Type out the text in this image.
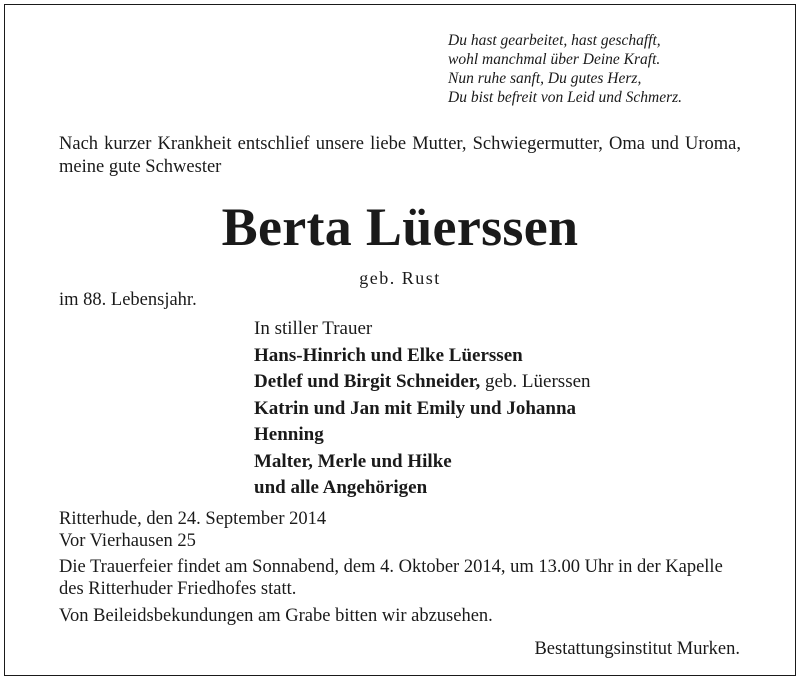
Du hast gearbeitet, hast geschafft,
wohl manchmal über Deine Kraft.
Nun ruhe sanft, Du gutes Herz,
Du bist befreit von Leid und Schmerz.
Nach kurzer Krankheit entschlief unsere liebe Mutter, Schwiegermutter, Oma und Uroma, meine gute Schwester
Berta Lüerssen
geb. Rust
im 88. Lebensjahr.
In stiller Trauer
Hans-Hinrich und Elke Lüerssen
Detlef und Birgit Schneider, geb. Lüerssen
Katrin und Jan mit Emily und Johanna
Henning
Malter, Merle und Hilke
und alle Angehörigen
Ritterhude, den 24. September 2014
Vor Vierhausen 25
Die Trauerfeier findet am Sonnabend, dem 4. Oktober 2014, um 13.00 Uhr in der Kapelle des Ritterhuder Friedhofes statt.
Von Beileidsbekundungen am Grabe bitten wir abzusehen.
Bestattungsinstitut Murken.
